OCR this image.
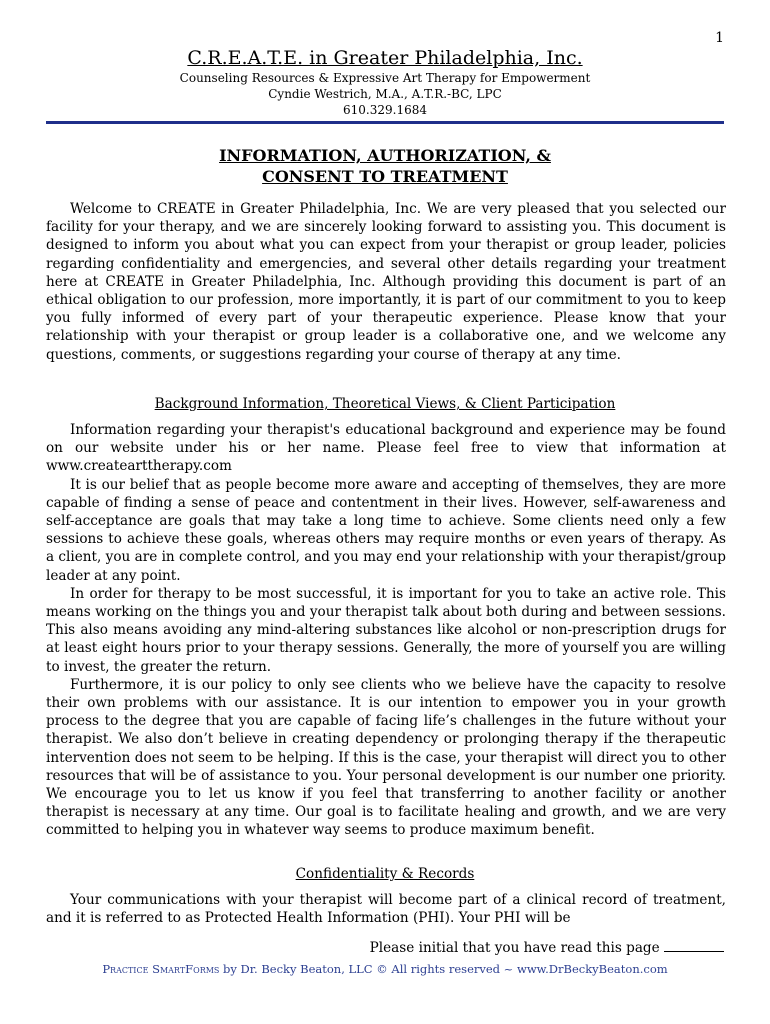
1
C.R.E.A.T.E. in Greater Philadelphia, Inc.
Counseling Resources & Expressive Art Therapy for Empowerment
Cyndie Westrich, M.A., A.T.R.-BC, LPC
610.329.1684
INFORMATION, AUTHORIZATION, &
CONSENT TO TREATMENT

Welcome to CREATE in Greater Philadelphia, Inc. We are very pleased that you selected our facility for your therapy, and we are sincerely looking forward to assisting you. This document is designed to inform you about what you can expect from your therapist or group leader, policies regarding confidentiality and emergencies, and several other details regarding your treatment here at CREATE in Greater Philadelphia, Inc. Although providing this document is part of an ethical obligation to our profession, more importantly, it is part of our commitment to you to keep you fully informed of every part of your therapeutic experience. Please know that your relationship with your therapist or group leader is a collaborative one, and we welcome any questions, comments, or suggestions regarding your course of therapy at any time.

Background Information, Theoretical Views, & Client Participation

Information regarding your therapist's educational background and experience may be found on our website under his or her name. Please feel free to view that information at www.createarttherapy.com

It is our belief that as people become more aware and accepting of themselves, they are more capable of finding a sense of peace and contentment in their lives. However, self-awareness and self-acceptance are goals that may take a long time to achieve. Some clients need only a few sessions to achieve these goals, whereas others may require months or even years of therapy. As a client, you are in complete control, and you may end your relationship with your therapist/group leader at any point.

In order for therapy to be most successful, it is important for you to take an active role. This means working on the things you and your therapist talk about both during and between sessions. This also means avoiding any mind-altering substances like alcohol or non-prescription drugs for at least eight hours prior to your therapy sessions. Generally, the more of yourself you are willing to invest, the greater the return.

Furthermore, it is our policy to only see clients who we believe have the capacity to resolve their own problems with our assistance. It is our intention to empower you in your growth process to the degree that you are capable of facing life’s challenges in the future without your therapist. We also don’t believe in creating dependency or prolonging therapy if the therapeutic intervention does not seem to be helping. If this is the case, your therapist will direct you to other resources that will be of assistance to you. Your personal development is our number one priority. We encourage you to let us know if you feel that transferring to another facility or another therapist is necessary at any time. Our goal is to facilitate healing and growth, and we are very committed to helping you in whatever way seems to produce maximum benefit.

Confidentiality & Records

Your communications with your therapist will become part of a clinical record of treatment, and it is referred to as Protected Health Information (PHI). Your PHI will be

Please initial that you have read this page
Practice SmartForms by Dr. Becky Beaton, LLC © All rights reserved ~ www.DrBeckyBeaton.com
